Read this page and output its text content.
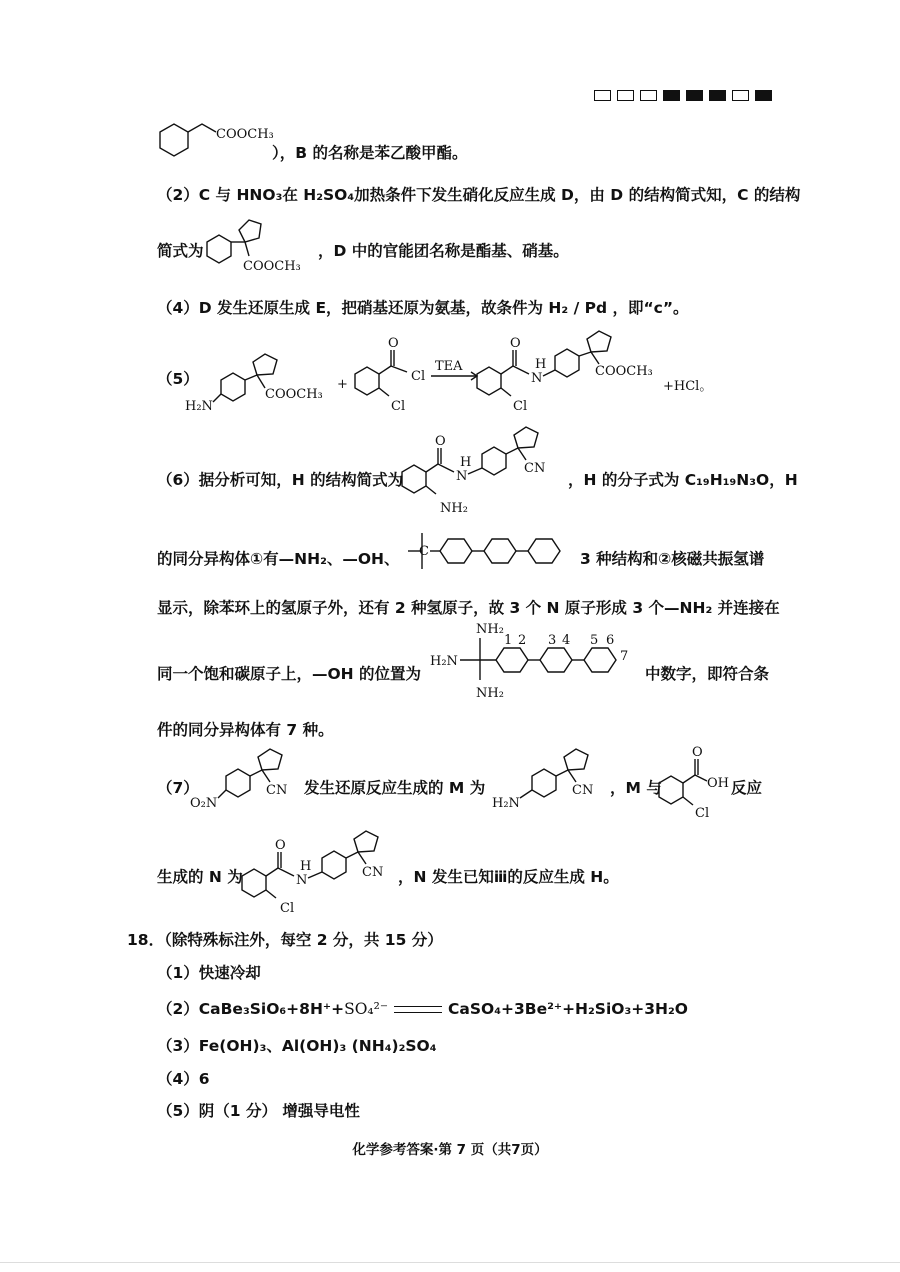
COOCH₃
），B 的名称是苯乙酸甲酯。
（2）C 与 HNO₃在 H₂SO₄加热条件下发生硝化反应生成 D，由 D 的结构简式知，C 的结构
简式为
COOCH₃
，D 中的官能团名称是酯基、硝基。
（4）D 发生还原生成 E，把硝基还原为氨基，故条件为 H₂ / Pd ，即“c”。
（5）
H₂N
COOCH₃
+
O
Cl
Cl
TEA
O
N
H
Cl
COOCH₃
+HCl。
（6）据分析可知，H 的结构简式为
O
N
H
NH₂
CN
，H 的分子式为 C₁₉H₁₉N₃O，H
的同分异构体①有—NH₂、—OH、 C	3 种结构和②核磁共振氢谱
显示，除苯环上的氢原子外，还有 2 种氢原子，故 3 个 N 原子形成 3 个—NH₂ 并连接在
同一个饱和碳原子上，—OH 的位置为
NH₂
H₂N
NH₂
1 2 3 4 5 6
7
中数字，即符合条
件的同分异构体有 7 种。
（7）
O₂N
CN 发生还原反应生成的 M 为
H₂N
CN ，M 与
O
OH
Cl
反应
生成的 N 为
O
N
H
Cl
CN ，N 发生已知ⅲ的反应生成 H。
18．（除特殊标注外，每空 2 分，共 15 分）
（1）快速冷却
（2）CaBe₃SiO₆+8H⁺+SO₄²⁻	CaSO₄+3Be²⁺+H₂SiO₃+3H₂O
（3）Fe(OH)₃、Al(OH)₃ (NH₄)₂SO₄
（4）6
（5）阴（1 分） 增强导电性
化学参考答案·第 7 页（共7页）
